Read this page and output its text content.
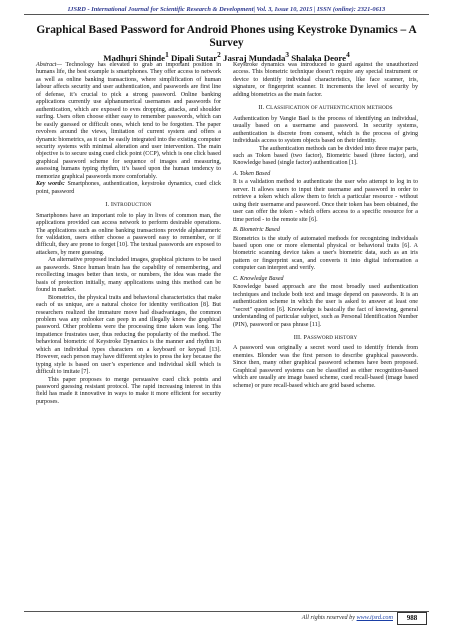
IJSRD - International Journal for Scientific Research & Development| Vol. 3, Issue 10, 2015 | ISSN (online): 2321-0613
Graphical Based Password for Android Phones using Keystroke Dynamics – A Survey
Madhuri Shinde$^1$ Dipali Sutar$^2$ Jasraj Mundada$^3$ Shalaka Deore$^4$

Abstract— Technology has elevated to grab an important position in humans life, the best example is smartphones. They offer access to network as well as online banking transactions, where simplification of human labour affects security and user authentication, and passwords are first line of defense, it’s crucial to pick a strong password. Online banking applications currently use alphanumerical usernames and passwords for authentication, which are exposed to eves dropping, attacks, and shoulder surfing. Users often choose either easy to remember passwords, which can be easily guessed or difficult ones, which tend to be forgotten. The paper revolves around the views, limitation of current system and offers a dynamic biometrics, as it can be easily integrated into the existing computer security systems with minimal alteration and user intervention. The main objective is to secure using cued click point (CCP), which is one click based graphical password scheme for sequence of images and measuring, assessing humans typing rhythm, it’s based upon the human tendency to memorize graphical passwords more comfortably.

Key words: Smartphones, authentication, keystroke dynamics, cued click point, password

I. INTRODUCTION

Smartphones have an important role to play in lives of common man, the applications provided can access network to perform desirable operations. The applications such as online banking transactions provide alphanumeric for validation, users either choose a password easy to remember, or if difficult, they are prone to forget [10]. The textual passwords are exposed to attackers, by mere guessing.

An alternative proposed included images, graphical pictures to be used as passwords. Since human brain has the capability of remembering, and recollecting images better than texts, or numbers, the idea was made the basis of protection initially, many applications using this method can be found in market.

Biometrics, the physical traits and behavioral characteristics that make each of us unique, are a natural choice for identity verification [8]. But researchers realized the immature move had disadvantages, the common problem was any onlooker can peep in and illegally know the graphical password. Other problems were the processing time taken was long. The impatience frustrates user, thus reducing the popularity of the method. The behavioral biometric of Keystroke Dynamics is the manner and rhythm in which an individual types characters on a keyboard or keypad [13]. However, each person may have different styles to press the key because the typing style is based on user’s experience and individual skill which is difficult to imitate [7].

This paper proposes to merge persuasive cued click points and password guessing resistant protocol. The rapid increasing interest in this field has made it innovative in ways to make it more efficient for security purposes.

Keystroke dynamics was introduced to guard against the unauthorized access. This biometric technique doesn’t require any special instrument or device to identify individual characteristics, like face scanner, iris, signature, or fingerprint scanner. It increments the level of security by adding biometrics as the main factor.

II. CLASSIFICATION OF AUTHENTICATION METHODS

Authentication by Vangie Bael is the process of identifying an individual, usually based on a username and password. In security systems, authentication is discrete from consent, which is the process of giving individuals access to system objects based on their identity.

The authentication methods can be divided into three major parts, such as Token based (two factor), Biometric based (three factor), and Knowledge based (single factor) authentication [1].

A. Token Based

It is a validation method to authenticate the user who attempt to log in to server. It allows users to input their username and password in order to retrieve a token which allow them to fetch a particular resource - without using their username and password. Once their token has been obtained, the user can offer the token - which offers access to a specific resource for a time period - to the remote site [6].

B. Biometric Based

Biometrics is the study of automated methods for recognizing individuals based upon one or more elemental physical or behavioral traits [6]. A biometric scanning device takes a user's biometric data, such as an iris pattern or fingerprint scan, and converts it into digital information a computer can interpret and verify.

C. Knowledge Based

Knowledge based approach are the most broadly used authentication techniques and include both text and image depend on passwords. It is an authentication scheme in which the user is asked to answer at least one "secret" question [6]. Knowledge is basically the fact of knowing, general understanding of particular subject, such as Personal Identification Number (PIN), password or pass phrase [11].

III. PASSWORD HISTORY

A password was originally a secret word used to identify friends from enemies. Blonder was the first person to describe graphical passwords. Since then, many other graphical password schemes have been proposed. Graphical password systems can be classified as either recognition-based which are usually are image based scheme, cued recall-based (image based scheme) or pure recall-based which are grid based scheme.

All rights reserved by www.ijsrd.com	988
